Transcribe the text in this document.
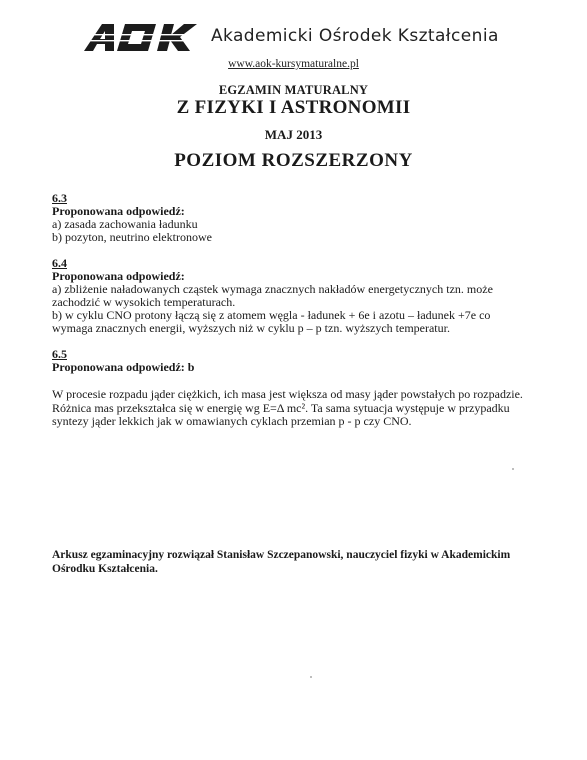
Akademicki Ośrodek Kształcenia
www.aok-kursymaturalne.pl
EGZAMIN MATURALNY
Z FIZYKI I ASTRONOMII
MAJ 2013
POZIOM ROZSZERZONY
6.3
Proponowana odpowiedź:
a) zasada zachowania ładunku
b) pozyton, neutrino elektronowe
6.4
Proponowana odpowiedź:
a) zbliżenie naładowanych cząstek wymaga znacznych nakładów energetycznych tzn. może
zachodzić w wysokich temperaturach.
b) w cyklu CNO protony łączą się z atomem węgla - ładunek + 6e i azotu – ładunek +7e co
wymaga znacznych energii, wyższych niż w cyklu p – p tzn. wyższych temperatur.
6.5
Proponowana odpowiedź: b
W procesie rozpadu jąder ciężkich, ich masa jest większa od masy jąder powstałych po rozpadzie.
Różnica mas przekształca się w energię wg E=Δ mc². Ta sama sytuacja występuje w przypadku
syntezy jąder lekkich jak w omawianych cyklach przemian p - p czy CNO.
Arkusz egzaminacyjny rozwiązał Stanisław Szczepanowski, nauczyciel fizyki w Akademickim
Ośrodku Kształcenia.
